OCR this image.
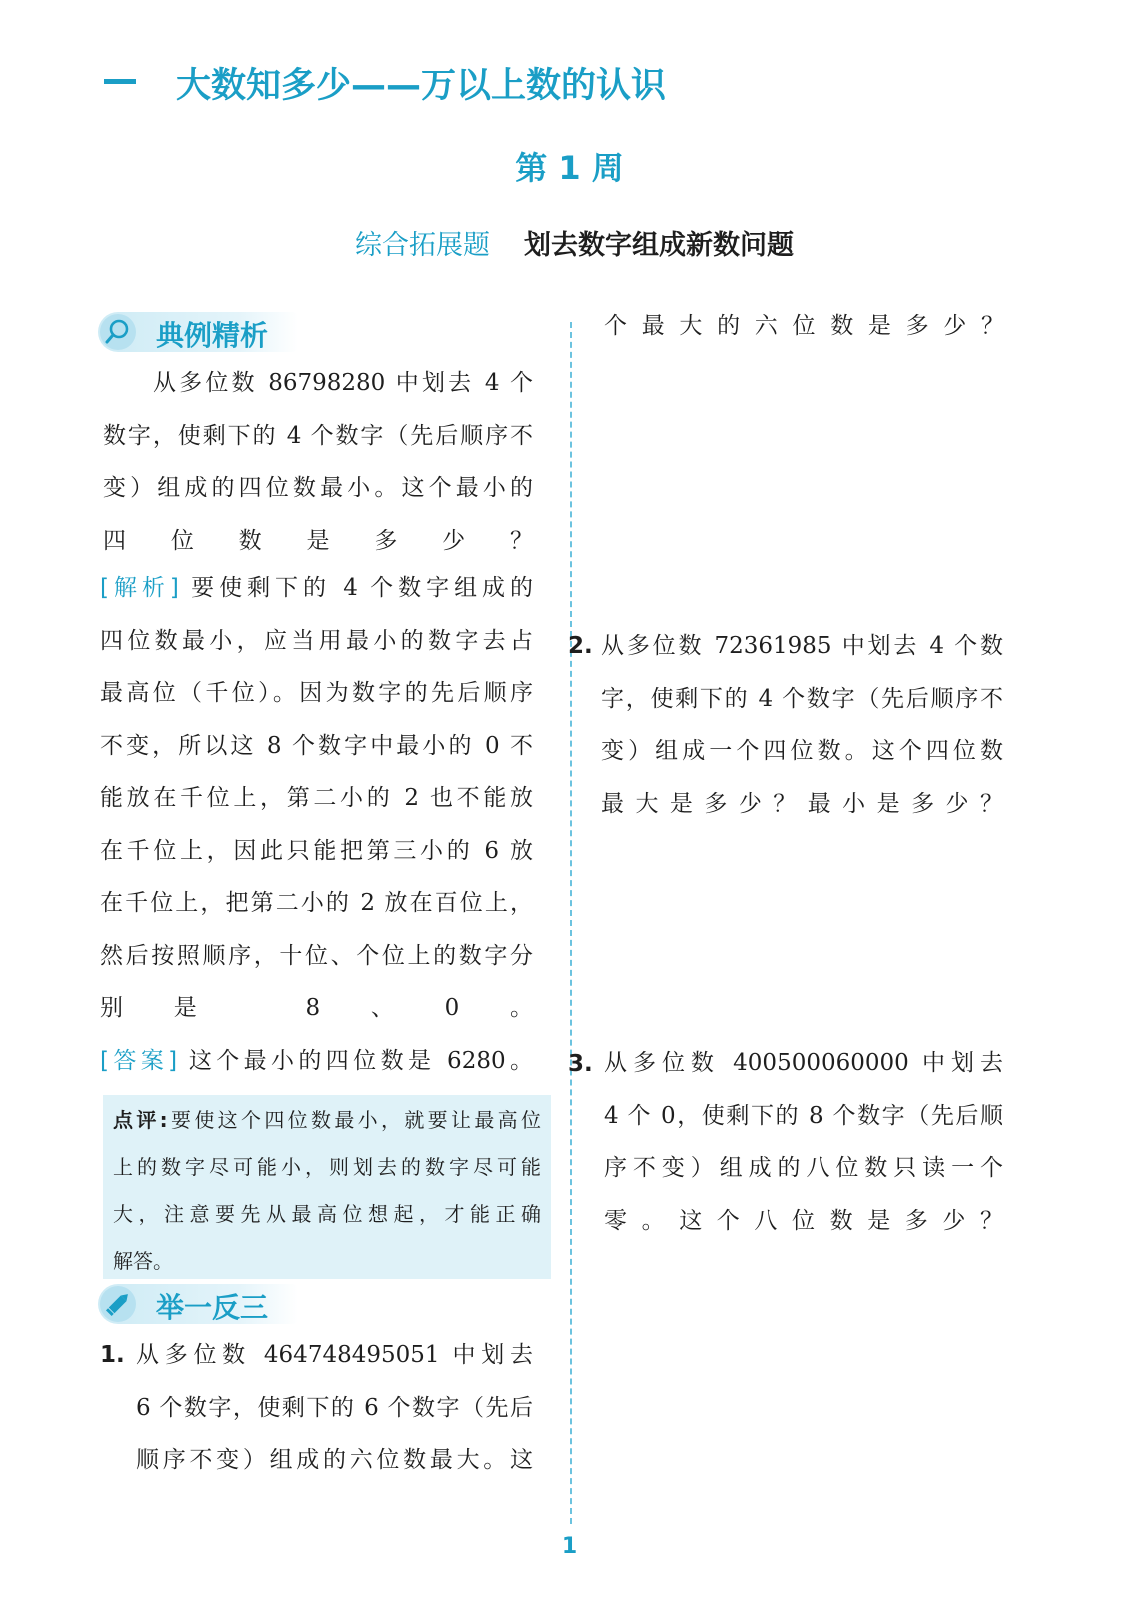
大数知多少——万以上数的认识
第 1 周
综合拓展题 划去数字组成新数问题
典例精析
从多位数 86798280 中划去 4 个
数字，使剩下的 4 个数字（先后顺序不
变）组成的四位数最小。这个最小的
四位数是多少？
[解析] 要使剩下的 4 个数字组成的
四位数最小，应当用最小的数字去占
最高位（千位）。因为数字的先后顺序
不变，所以这 8 个数字中最小的 0 不
能放在千位上，第二小的 2 也不能放
在千位上，因此只能把第三小的 6 放
在千位上，把第二小的 2 放在百位上，
然后按照顺序，十位、个位上的数字分
别是 8、0。
[答案] 这个最小的四位数是 6280。
点评:要使这个四位数最小，就要让最高位
上的数字尽可能小，则划去的数字尽可能
大，注意要先从最高位想起，才能正确
解答。
举一反三
1. 从多位数 464748495051 中划去
6 个数字，使剩下的 6 个数字（先后
顺序不变）组成的六位数最大。这
个最大的六位数是多少？
2. 从多位数 72361985 中划去 4 个数
字，使剩下的 4 个数字（先后顺序不
变）组成一个四位数。这个四位数
最大是多少？最小是多少？
3. 从多位数 400500060000 中划去
4 个 0，使剩下的 8 个数字（先后顺
序不变）组成的八位数只读一个
零。这个八位数是多少？
1
